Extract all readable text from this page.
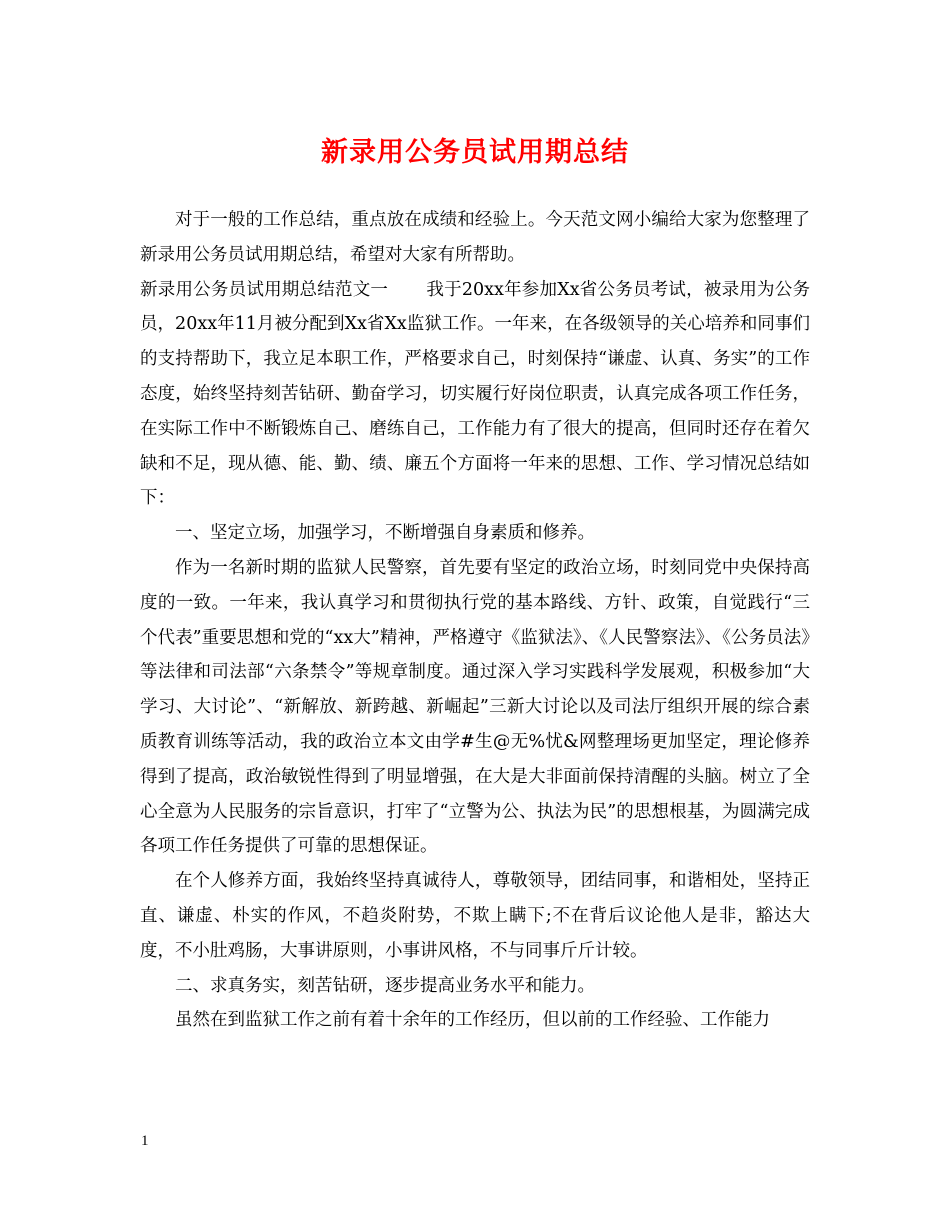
新录用公务员试用期总结

对于一般的工作总结，重点放在成绩和经验上。今天范文网小编给大家为您整理了新录用公务员试用期总结，希望对大家有所帮助。

新录用公务员试用期总结范文一 我于20xx年参加Xx省公务员考试，被录用为公务员，20xx年11月被分配到Xx省Xx监狱工作。一年来，在各级领导的关心培养和同事们的支持帮助下，我立足本职工作，严格要求自己，时刻保持“谦虚、认真、务实”的工作态度，始终坚持刻苦钻研、勤奋学习，切实履行好岗位职责，认真完成各项工作任务，在实际工作中不断锻炼自己、磨练自己，工作能力有了很大的提高，但同时还存在着欠缺和不足，现从德、能、勤、绩、廉五个方面将一年来的思想、工作、学习情况总结如下：

一、坚定立场，加强学习，不断增强自身素质和修养。

作为一名新时期的监狱人民警察，首先要有坚定的政治立场，时刻同党中央保持高度的一致。一年来，我认真学习和贯彻执行党的基本路线、方针、政策，自觉践行“三个代表”重要思想和党的“xx大”精神，严格遵守《监狱法》、《人民警察法》、《公务员法》等法律和司法部“六条禁令”等规章制度。通过深入学习实践科学发展观，积极参加“大学习、大讨论”、“新解放、新跨越、新崛起”三新大讨论以及司法厅组织开展的综合素质教育训练等活动，我的政治立本文由学#生@无%忧&网整理场更加坚定，理论修养得到了提高，政治敏锐性得到了明显增强，在大是大非面前保持清醒的头脑。树立了全心全意为人民服务的宗旨意识，打牢了“立警为公、执法为民”的思想根基，为圆满完成各项工作任务提供了可靠的思想保证。

在个人修养方面，我始终坚持真诚待人，尊敬领导，团结同事，和谐相处，坚持正直、谦虚、朴实的作风，不趋炎附势，不欺上瞒下;不在背后议论他人是非，豁达大度，不小肚鸡肠，大事讲原则，小事讲风格，不与同事斤斤计较。

二、求真务实，刻苦钻研，逐步提高业务水平和能力。

虽然在到监狱工作之前有着十余年的工作经历，但以前的工作经验、工作能力

1
